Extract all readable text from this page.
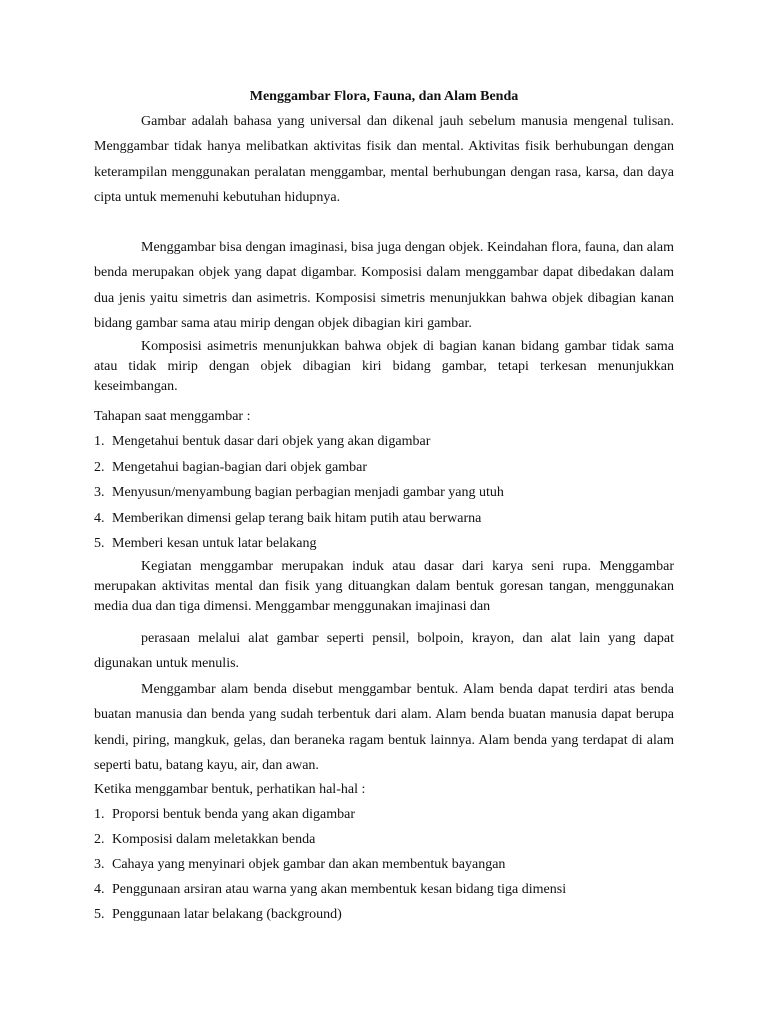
Menggambar Flora, Fauna, dan Alam Benda

Gambar adalah bahasa yang universal dan dikenal jauh sebelum manusia mengenal tulisan. Menggambar tidak hanya melibatkan aktivitas fisik dan mental. Aktivitas fisik berhubungan dengan keterampilan menggunakan peralatan menggambar, mental berhubungan dengan rasa, karsa, dan daya cipta untuk memenuhi kebutuhan hidupnya.

Menggambar bisa dengan imaginasi, bisa juga dengan objek. Keindahan flora, fauna, dan alam benda merupakan objek yang dapat digambar. Komposisi dalam menggambar dapat dibedakan dalam dua jenis yaitu simetris dan asimetris. Komposisi simetris menunjukkan bahwa objek dibagian kanan bidang gambar sama atau mirip dengan objek dibagian kiri gambar.

Komposisi asimetris menunjukkan bahwa objek di bagian kanan bidang gambar tidak sama atau tidak mirip dengan objek dibagian kiri bidang gambar, tetapi terkesan menunjukkan keseimbangan.

Tahapan saat menggambar :

1. Mengetahui bentuk dasar dari objek yang akan digambar
2. Mengetahui bagian-bagian dari objek gambar
3. Menyusun/menyambung bagian perbagian menjadi gambar yang utuh
4. Memberikan dimensi gelap terang baik hitam putih atau berwarna
5. Memberi kesan untuk latar belakang

Kegiatan menggambar merupakan induk atau dasar dari karya seni rupa. Menggambar merupakan aktivitas mental dan fisik yang dituangkan dalam bentuk goresan tangan, menggunakan media dua dan tiga dimensi. Menggambar menggunakan imajinasi dan

perasaan melalui alat gambar seperti pensil, bolpoin, krayon, dan alat lain yang dapat digunakan untuk menulis.

Menggambar alam benda disebut menggambar bentuk. Alam benda dapat terdiri atas benda buatan manusia dan benda yang sudah terbentuk dari alam. Alam benda buatan manusia dapat berupa kendi, piring, mangkuk, gelas, dan beraneka ragam bentuk lainnya. Alam benda yang terdapat di alam seperti batu, batang kayu, air, dan awan.

Ketika menggambar bentuk, perhatikan hal-hal :

1. Proporsi bentuk benda yang akan digambar
2. Komposisi dalam meletakkan benda
3. Cahaya yang menyinari objek gambar dan akan membentuk bayangan
4. Penggunaan arsiran atau warna yang akan membentuk kesan bidang tiga dimensi
5. Penggunaan latar belakang (background)
